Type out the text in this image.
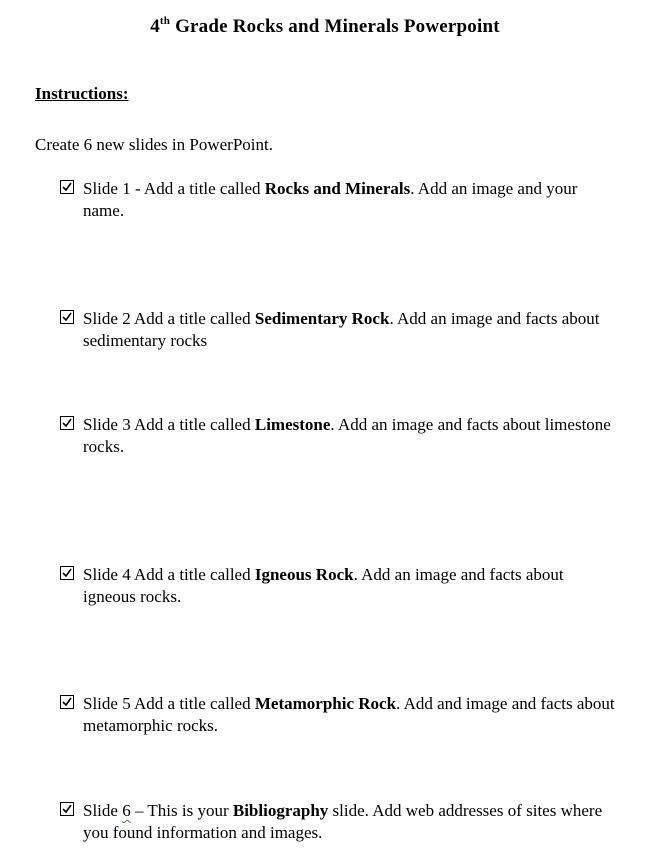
4th Grade Rocks and Minerals Powerpoint
Instructions:
Create 6 new slides in PowerPoint.
Slide 1 - Add a title called Rocks and Minerals. Add an image and your name.
Slide 2 Add a title called Sedimentary Rock. Add an image and facts about sedimentary rocks
Slide 3 Add a title called Limestone. Add an image and facts about limestone rocks.
Slide 4 Add a title called Igneous Rock. Add an image and facts about igneous rocks.
Slide 5 Add a title called Metamorphic Rock. Add and image and facts about metamorphic rocks.
Slide 6 – This is your Bibliography slide. Add web addresses of sites where you found information and images.
